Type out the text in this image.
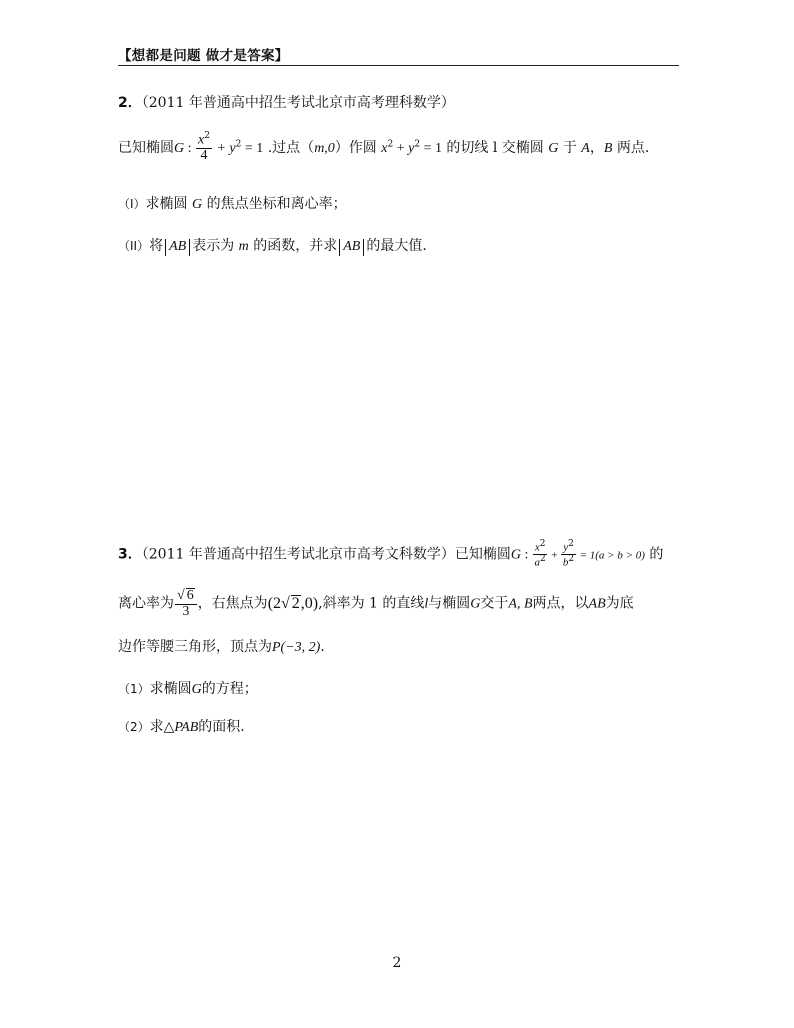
【想都是问题 做才是答案】
2．（2011 年普通高中招生考试北京市高考理科数学）
已知椭圆G : $\frac{x^2}{4} + y^2 = 1$ .过点（m,0）作圆 $x^2 + y^2 = 1$ 的切线 l 交椭圆 G 于 A，B 两点.
（I）求椭圆 G 的焦点坐标和离心率；
（II）将 AB 表示为 m 的函数，并求 AB 的最大值.
3．（2011 年普通高中招生考试北京市高考文科数学）已知椭圆G : $\frac{x^2}{a^2} + \frac{y^2}{b^2} = 1(a > b > 0)$ 的
离心率为 $\frac{√ 6}{3}$ ，右焦点为(2√ 2,0),斜率为 1 的直线l与椭圆G交于A, B两点，以AB为底
边作等腰三角形，顶点为P(−3, 2).
（1）求椭圆G的方程；
（2）求△PAB的面积.
2
